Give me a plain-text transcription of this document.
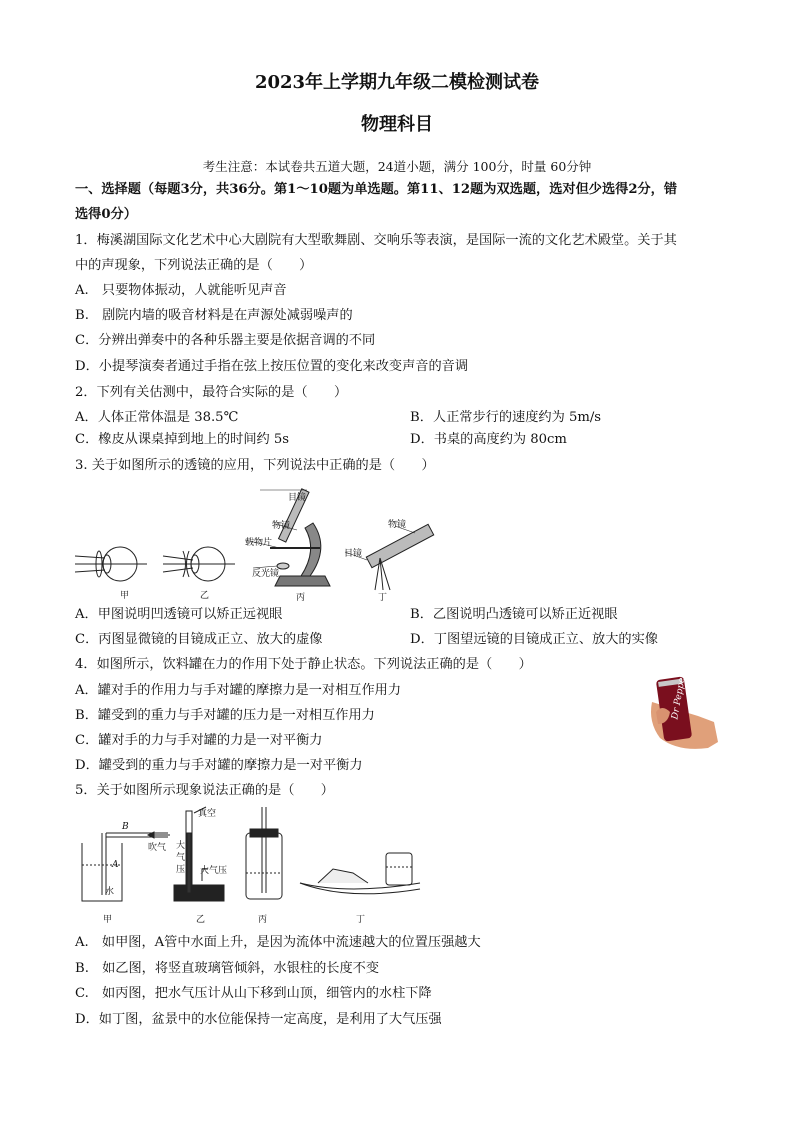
2023年上学期九年级二模检测试卷
物理科目
考生注意：本试卷共五道大题，24道小题，满分 100分，时量 60分钟
一、选择题（每题3分，共36分。第1～10题为单选题。第11、12题为双选题，选对但少选得2分，错
选得0分）
1．梅溪湖国际文化艺术中心大剧院有大型歌舞剧、交响乐等表演，是国际一流的文化艺术殿堂。关于其
中的声现象，下列说法正确的是（　　）
A.　只要物体振动，人就能听见声音
B.　剧院内墙的吸音材料是在声源处减弱噪声的
C．分辨出弹奏中的各种乐器主要是依据音调的不同
D．小提琴演奏者通过手指在弦上按压位置的变化来改变声音的音调
2．下列有关估测中，最符合实际的是（　　）
A．人体正常体温是 38.5℃	B．人正常步行的速度约为 5m/s
C．橡皮从课桌掉到地上的时间约 5s	D．书桌的高度约为 80cm
3. 关于如图所示的透镜的应用，下列说法中正确的是（　　）
目镜
物镜
载物片
反光镜
物镜
目镜
甲	乙	丙	丁
A．甲图说明凹透镜可以矫正远视眼	B．乙图说明凸透镜可以矫正近视眼
C．丙图显微镜的目镜成正立、放大的虚像	D．丁图望远镜的目镜成正立、放大的实像
4．如图所示，饮料罐在力的作用下处于静止状态。下列说法正确的是（　　）
A．罐对手的作用力与手对罐的摩擦力是一对相互作用力
B．罐受到的重力与手对罐的压力是一对相互作用力
C．罐对手的力与手对罐的力是一对平衡力
D．罐受到的重力与手对罐的摩擦力是一对平衡力
Dr Pepper
5．关于如图所示现象说法正确的是（　　）
B
A
吹气
水
真空
大
气
压 大气压
甲	乙	丙	丁
A.　如甲图，A管中水面上升，是因为流体中流速越大的位置压强越大
B.　如乙图，将竖直玻璃管倾斜，水银柱的长度不变
C.　如丙图，把水气压计从山下移到山顶，细管内的水柱下降
D．如丁图，盆景中的水位能保持一定高度，是利用了大气压强
